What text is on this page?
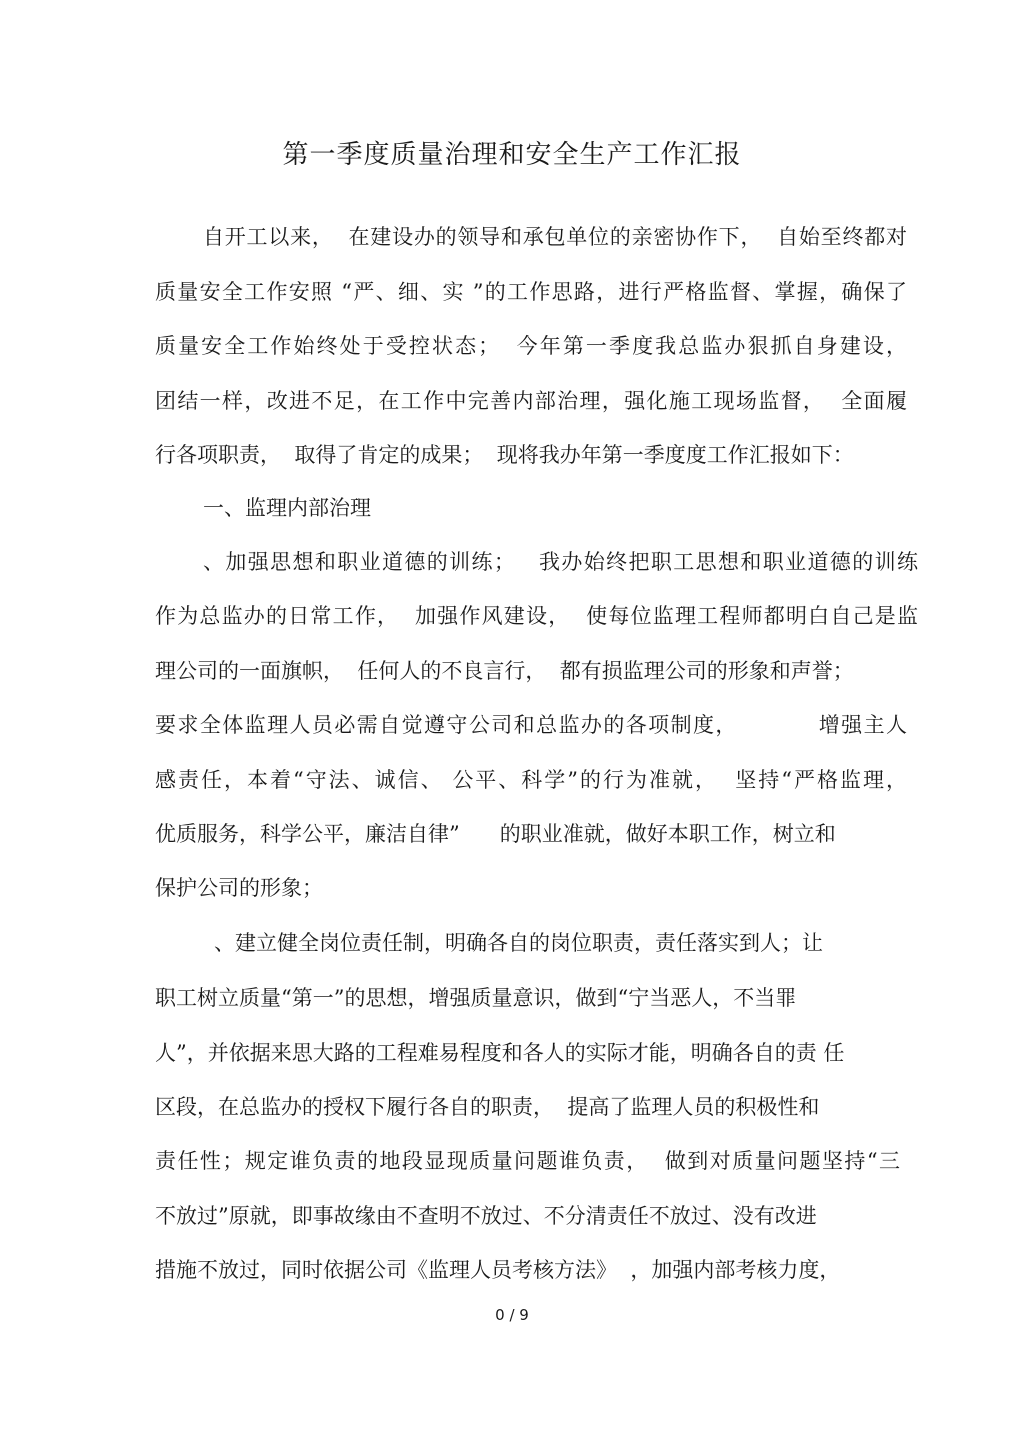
第一季度质量治理和安全生产工作汇报
自开工以来，  在建设办的领导和承包单位的亲密协作下，  自始至终都对
质量安全工作安照 “严、细、实 ”的工作思路，进行严格监督、掌握，确保了
质量安全工作始终处于受控状态；  今年第一季度我总监办狠抓自身建设，
团结一样，改进不足，在工作中完善内部治理，强化施工现场监督，  全面履
行各项职责，  取得了肯定的成果；  现将我办年第一季度度工作汇报如下：
一、监理内部治理
、加强思想和职业道德的训练；   我办始终把职工思想和职业道德的训练
作为总监办的日常工作，  加强作风建设，  使每位监理工程师都明白自己是监
理公司的一面旗帜，  任何人的不良言行，  都有损监理公司的形象和声誉；
要求全体监理人员必需自觉遵守公司和总监办的各项制度，          增强主人
感责任，本着“守法、诚信、 公平、科学”的行为准就，  坚持“严格监理，
优质服务，科学公平，廉洁自律”      的职业准就，做好本职工作，树立和
保护公司的形象；
、建立健全岗位责任制，明确各自的岗位职责，责任落实到人；让
职工树立质量“第一”的思想，增强质量意识，做到“宁当恶人，不当罪
人”，并依据来思大路的工程难易程度和各人的实际才能，明确各自的责 任
区段，在总监办的授权下履行各自的职责，  提高了监理人员的积极性和
责任性；规定谁负责的地段显现质量问题谁负责，  做到对质量问题坚持“三
不放过”原就，即事故缘由不查明不放过、不分清责任不放过、没有改进
措施不放过，同时依据公司《监理人员考核方法》  ，加强内部考核力度，
0 / 9
